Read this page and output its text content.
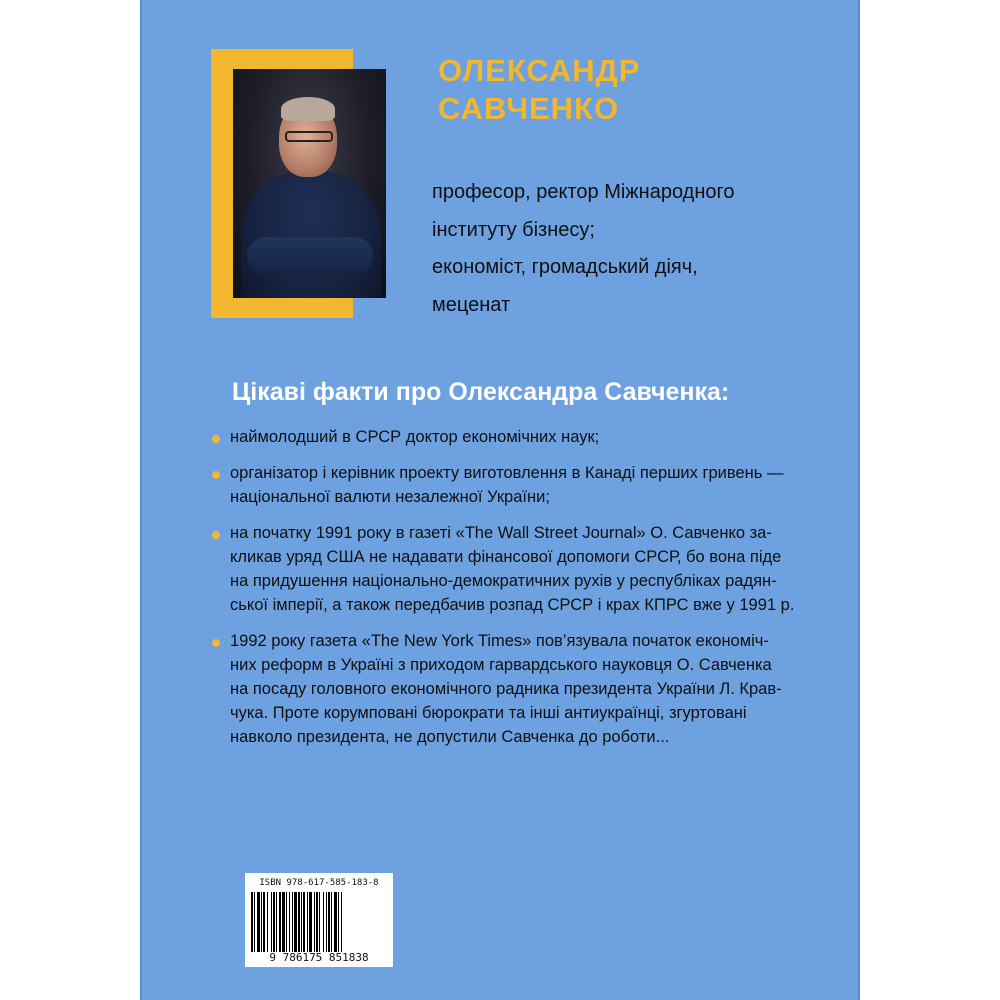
ОЛЕКСАНДР
САВЧЕНКО
професор, ректор Міжнародного
інституту бізнесу;
економіст, громадський діяч,
меценат
Цікаві факти про Олександра Савченка:
наймолодший в СРСР доктор економічних наук;
організатор і керівник проекту виготовлення в Канаді перших гривень —
національної валюти незалежної України;
на початку 1991 року в газеті «The Wall Street Journal» О. Савченко за-
кликав уряд США не надавати фінансової допомоги СРСР, бо вона піде
на придушення національно-демократичних рухів у республіках радян-
ської імперії, а також передбачив розпад СРСР і крах КПРС вже у 1991 р.
1992 року газета «The New York Times» пов’язувала початок економіч-
них реформ в Україні з приходом гарвардського науковця О. Савченка
на посаду головного економічного радника президента України Л. Крав-
чука. Проте корумповані бюрократи та інші антиукраїнці, згуртовані
навколо президента, не допустили Савченка до роботи...
ISBN 978-617-585-183-8
9 786175 851838
